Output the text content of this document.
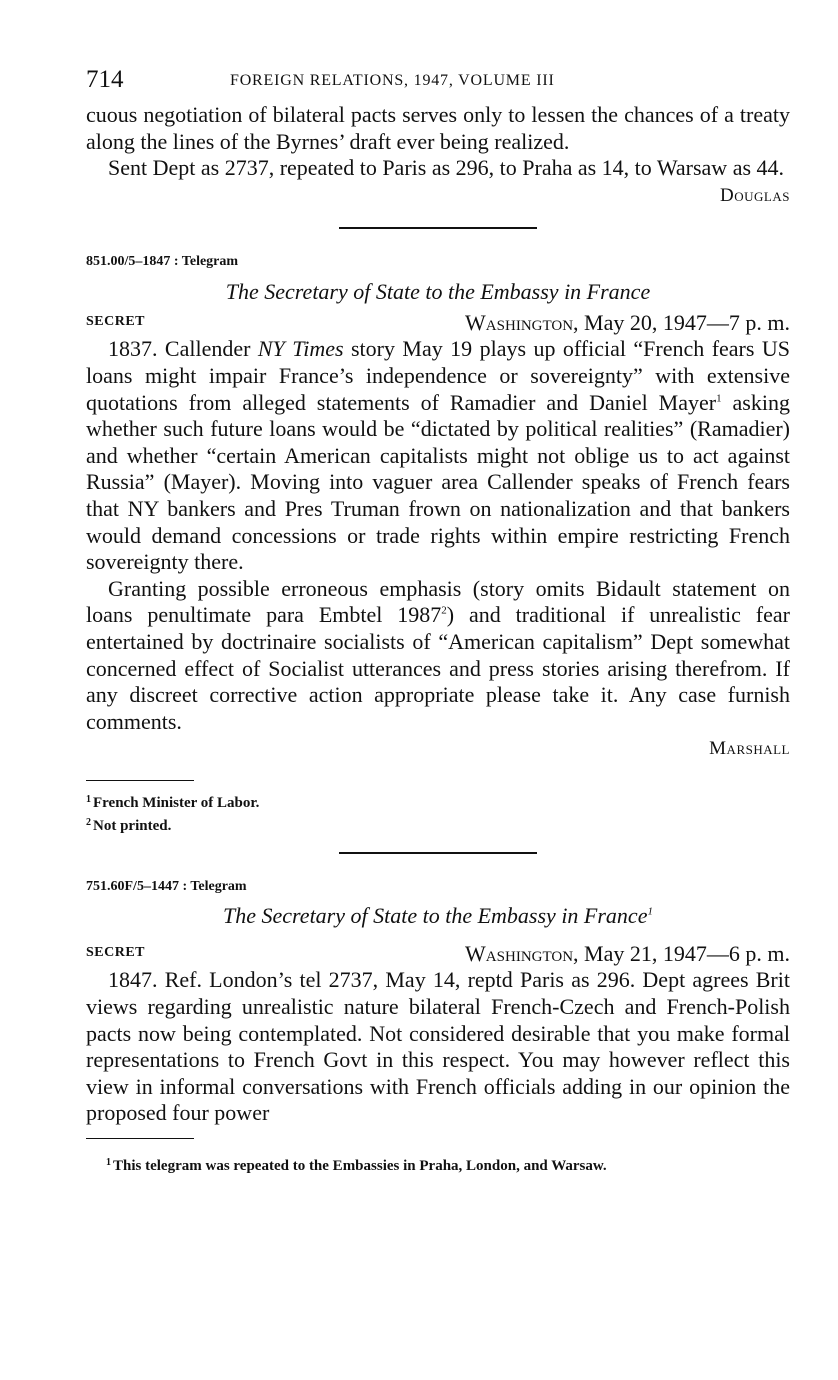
714	FOREIGN RELATIONS, 1947, VOLUME III

cuous negotiation of bilateral pacts serves only to lessen the chances of a treaty along the lines of the Byrnes’ draft ever being realized.

Sent Dept as 2737, repeated to Paris as 296, to Praha as 14, to Warsaw as 44.

Douglas
851.00/5–1847 : Telegram
The Secretary of State to the Embassy in France
SECRET	Washington, May 20, 1947—7 p. m.

1837. Callender NY Times story May 19 plays up official “French fears US loans might impair France’s independence or sovereignty” with extensive quotations from alleged statements of Ramadier and Daniel Mayer$^1$ asking whether such future loans would be “dictated by political realities” (Ramadier) and whether “certain American capitalists might not oblige us to act against Russia” (Mayer). Moving into vaguer area Callender speaks of French fears that NY bankers and Pres Truman frown on nationalization and that bankers would demand concessions or trade rights within empire restricting French sovereignty there.

Granting possible erroneous emphasis (story omits Bidault statement on loans penultimate para Embtel 1987$^2$) and traditional if unrealistic fear entertained by doctrinaire socialists of “American capitalism” Dept somewhat concerned effect of Socialist utterances and press stories arising therefrom. If any discreet corrective action appropriate please take it. Any case furnish comments.

Marshall
$^1$ French Minister of Labor.
$^2$ Not printed.
751.60F/5–1447 : Telegram
The Secretary of State to the Embassy in France$^1$
SECRET	Washington, May 21, 1947—6 p. m.

1847. Ref. London’s tel 2737, May 14, reptd Paris as 296. Dept agrees Brit views regarding unrealistic nature bilateral French-Czech and French-Polish pacts now being contemplated. Not considered desirable that you make formal representations to French Govt in this respect. You may however reflect this view in informal conversations with French officials adding in our opinion the proposed four power

$^1$ This telegram was repeated to the Embassies in Praha, London, and Warsaw.
